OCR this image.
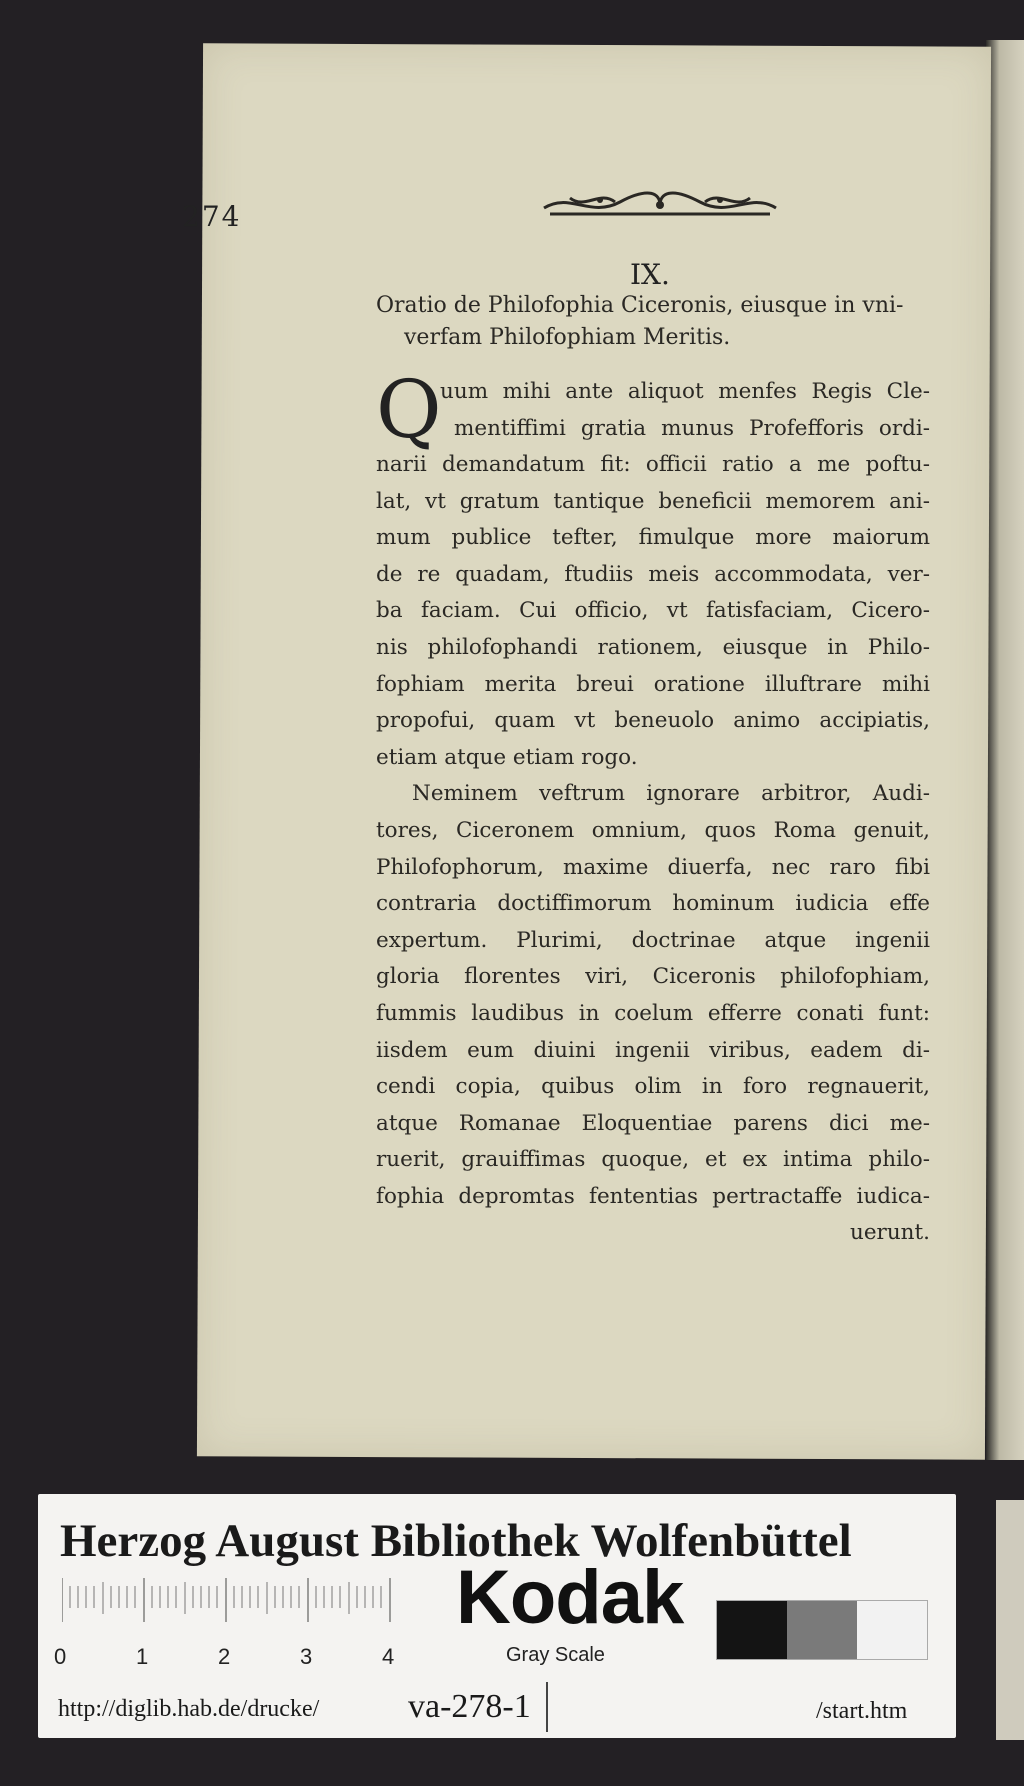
274
IX.
Oratio de Philofophia Ciceronis, eiusque in vni-
verfam Philofophiam Meritis.
Q
uum mihi ante aliquot menfes Regis Cle-
mentiffimi gratia munus Profefforis ordi-
narii demandatum fit: officii ratio a me poftu-
lat, vt gratum tantique beneficii memorem ani-
mum publice tefter, fimulque more maiorum
de re quadam, ftudiis meis accommodata, ver-
ba faciam. Cui officio, vt fatisfaciam, Cicero-
nis philofophandi rationem, eiusque in Philo-
fophiam merita breui oratione illuftrare mihi
propofui, quam vt beneuolo animo accipiatis,
etiam atque etiam rogo.
Neminem veftrum ignorare arbitror, Audi-
tores, Ciceronem omnium, quos Roma genuit,
Philofophorum, maxime diuerfa, nec raro fibi
contraria doctiffimorum hominum iudicia effe
expertum. Plurimi, doctrinae atque ingenii
gloria florentes viri, Ciceronis philofophiam,
fummis laudibus in coelum efferre conati funt:
iisdem eum diuini ingenii viribus, eadem di-
cendi copia, quibus olim in foro regnauerit,
atque Romanae Eloquentiae parens dici me-
ruerit, grauiffimas quoque, et ex intima philo-
fophia depromtas fententias pertractaffe iudica-
uerunt.
Herzog August Bibliothek Wolfenbüttel
0	1	2	3	4
Kodak
Gray Scale
http://diglib.hab.de/drucke/	va-278-1	/start.htm
